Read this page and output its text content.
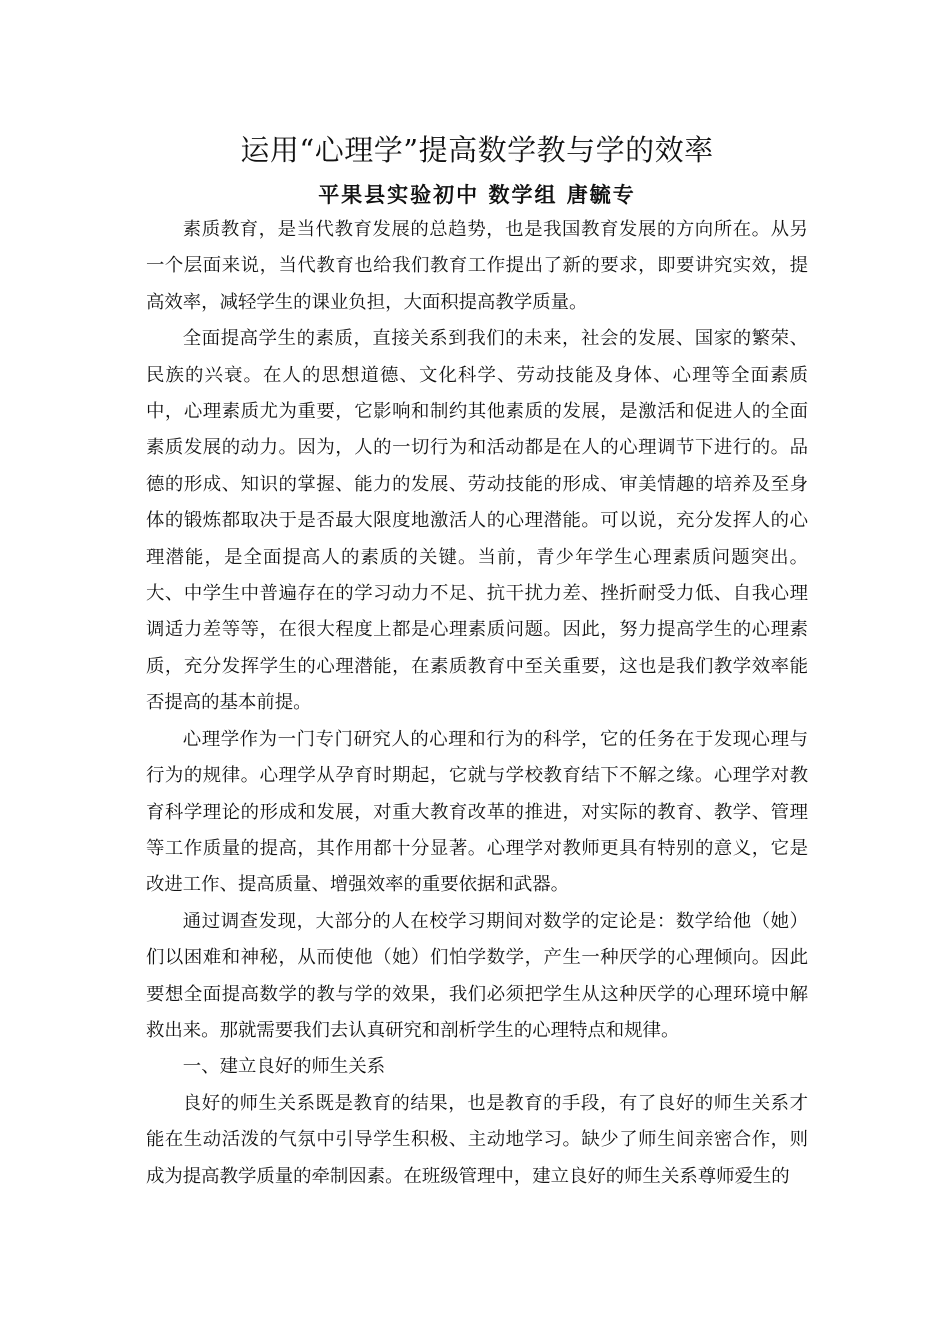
运用“心理学”提高数学教与学的效率
平果县实验初中 数学组 唐毓专

素质教育，是当代教育发展的总趋势，也是我国教育发展的方向所在。从另一个层面来说，当代教育也给我们教育工作提出了新的要求，即要讲究实效，提高效率，减轻学生的课业负担，大面积提高教学质量。

全面提高学生的素质，直接关系到我们的未来，社会的发展、国家的繁荣、民族的兴衰。在人的思想道德、文化科学、劳动技能及身体、心理等全面素质中，心理素质尤为重要，它影响和制约其他素质的发展，是激活和促进人的全面素质发展的动力。因为，人的一切行为和活动都是在人的心理调节下进行的。品德的形成、知识的掌握、能力的发展、劳动技能的形成、审美情趣的培养及至身体的锻炼都取决于是否最大限度地激活人的心理潜能。可以说，充分发挥人的心理潜能，是全面提高人的素质的关键。当前，青少年学生心理素质问题突出。大、中学生中普遍存在的学习动力不足、抗干扰力差、挫折耐受力低、自我心理调适力差等等，在很大程度上都是心理素质问题。因此，努力提高学生的心理素质，充分发挥学生的心理潜能，在素质教育中至关重要，这也是我们教学效率能否提高的基本前提。

心理学作为一门专门研究人的心理和行为的科学，它的任务在于发现心理与行为的规律。心理学从孕育时期起，它就与学校教育结下不解之缘。心理学对教育科学理论的形成和发展，对重大教育改革的推进，对实际的教育、教学、管理等工作质量的提高，其作用都十分显著。心理学对教师更具有特别的意义，它是改进工作、提高质量、增强效率的重要依据和武器。

通过调查发现，大部分的人在校学习期间对数学的定论是：数学给他（她）们以困难和神秘，从而使他（她）们怕学数学，产生一种厌学的心理倾向。因此要想全面提高数学的教与学的效果，我们必须把学生从这种厌学的心理环境中解救出来。那就需要我们去认真研究和剖析学生的心理特点和规律。

一、建立良好的师生关系

良好的师生关系既是教育的结果，也是教育的手段，有了良好的师生关系才能在生动活泼的气氛中引导学生积极、主动地学习。缺少了师生间亲密合作，则成为提高教学质量的牵制因素。在班级管理中，建立良好的师生关系尊师爱生的
